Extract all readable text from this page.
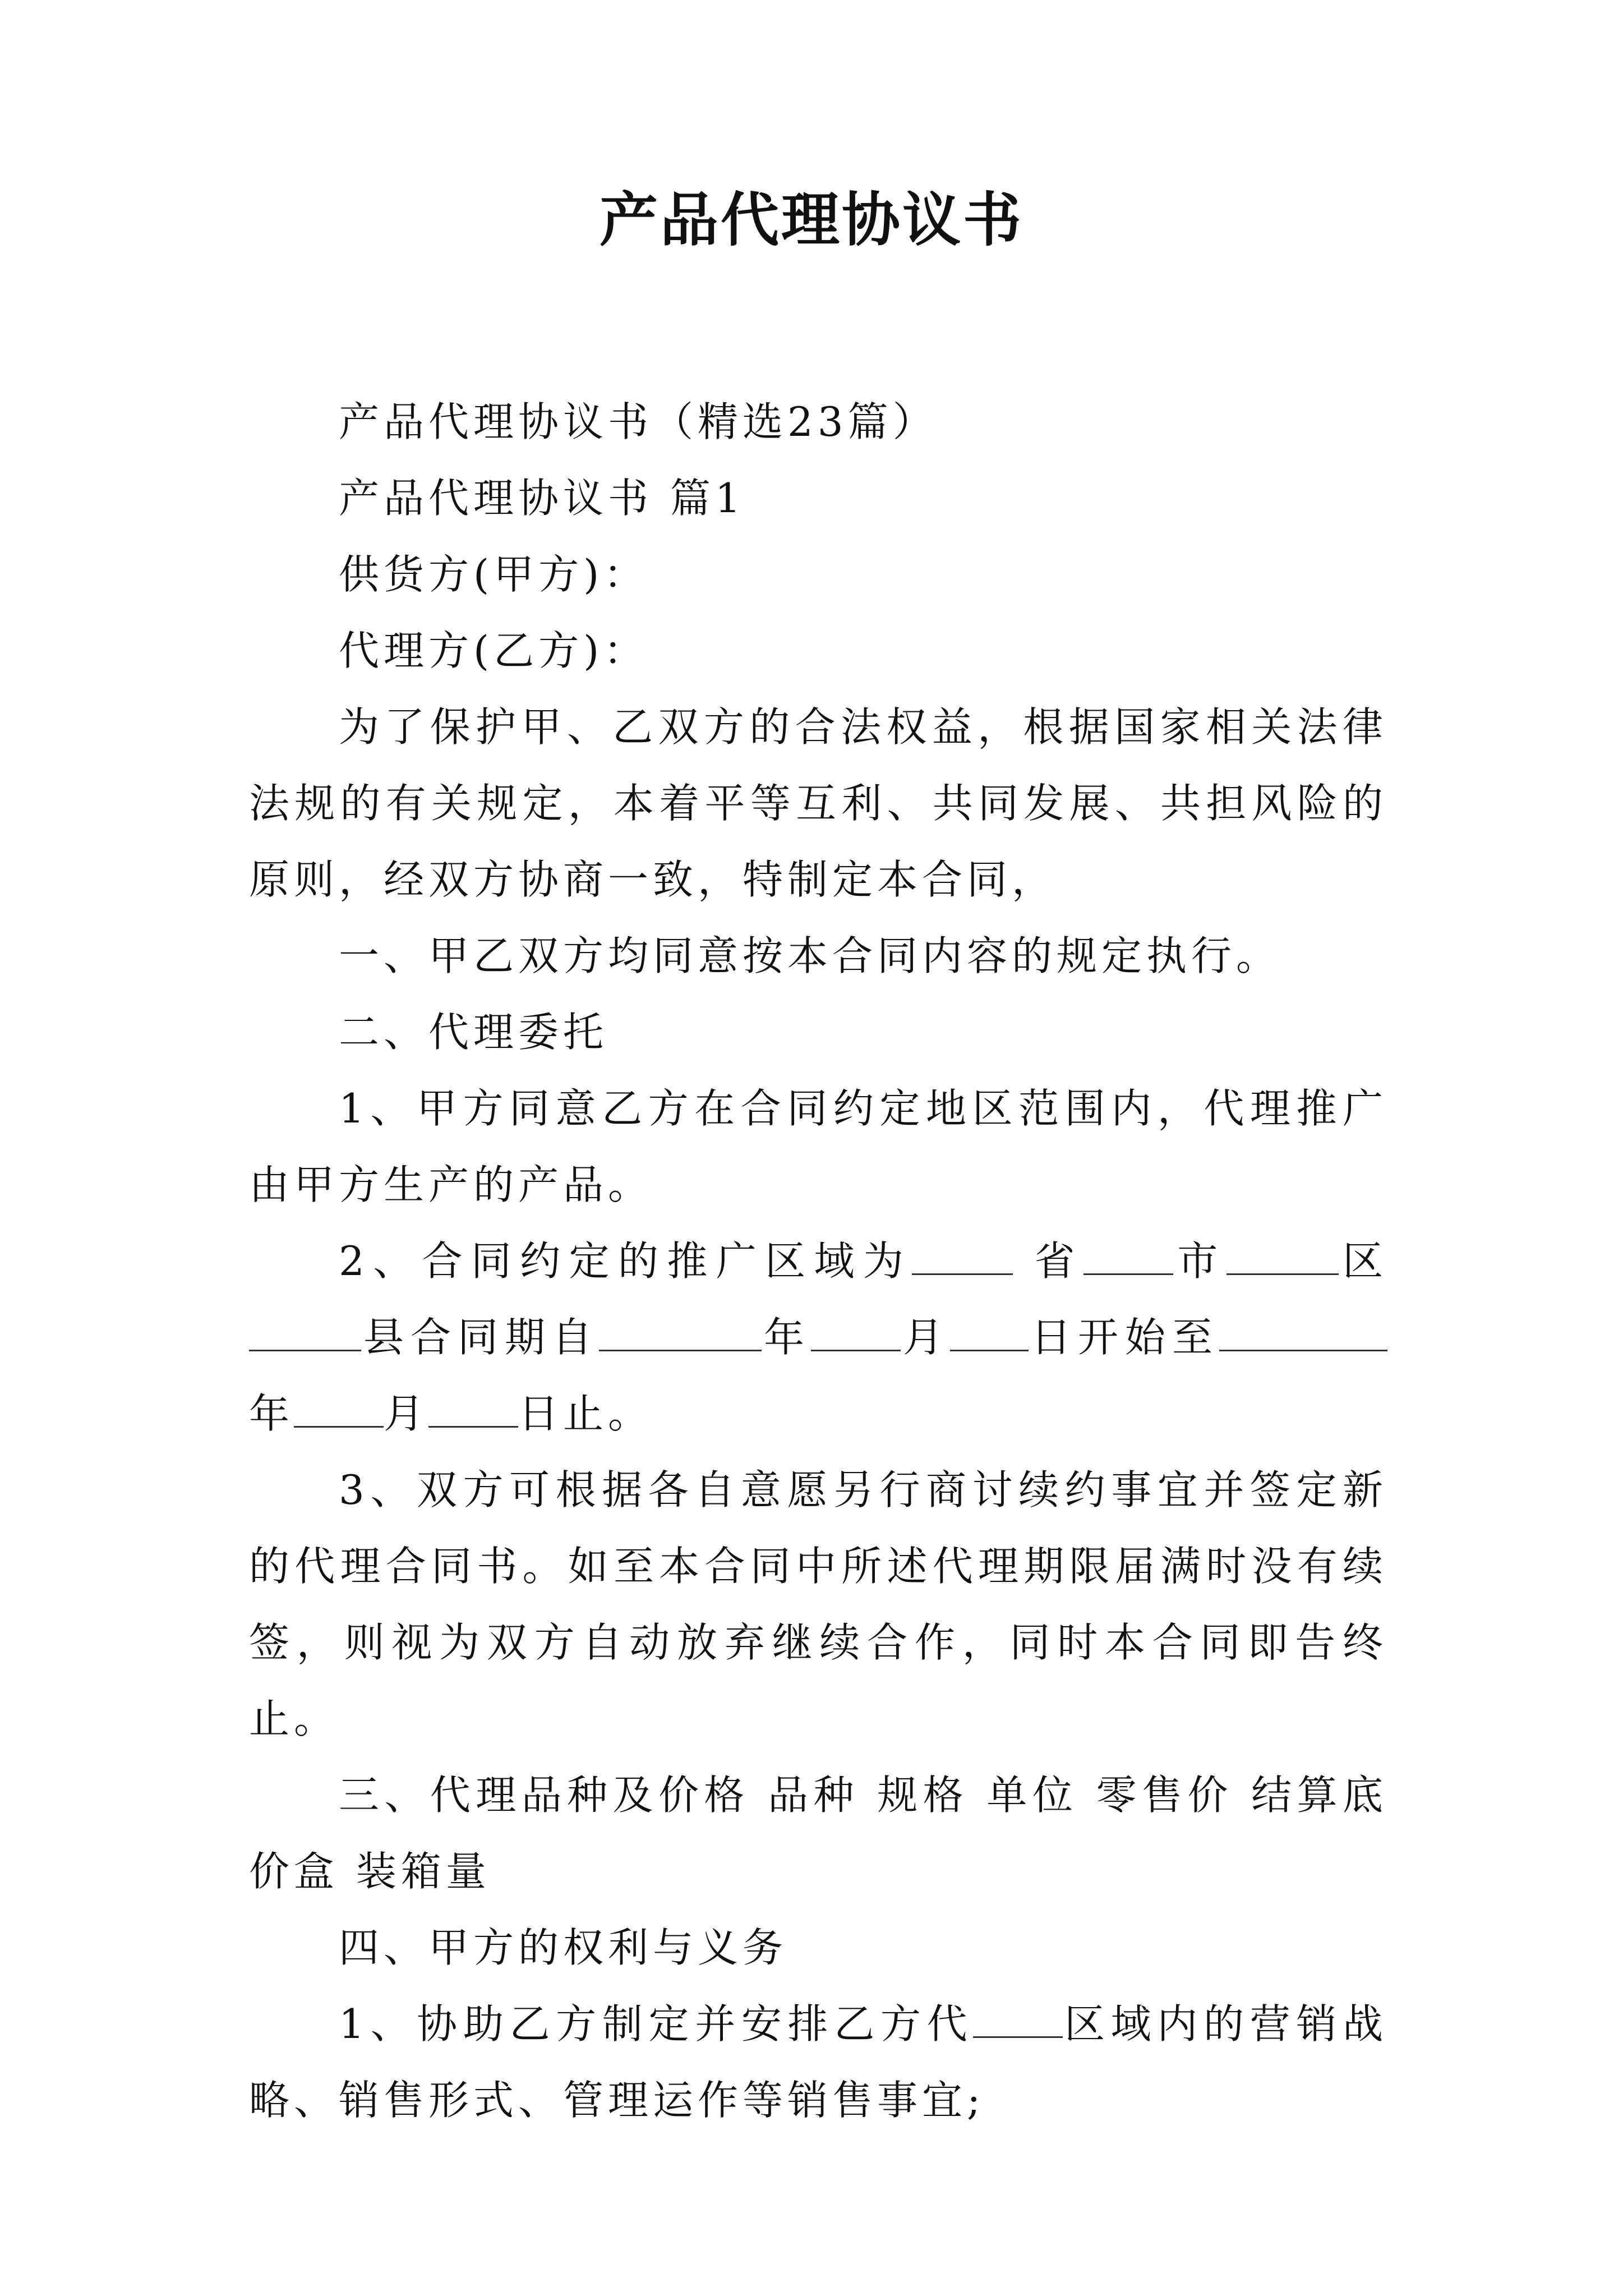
产品代理协议书

产品代理协议书（精选23篇）

产品代理协议书 篇1

供货方(甲方)：

代理方(乙方)：

为了保护甲、乙双方的合法权益，根据国家相关法律法规的有关规定，本着平等互利、共同发展、共担风险的原则，经双方协商一致，特制定本合同，

一、甲乙双方均同意按本合同内容的规定执行。

二、代理委托

1、甲方同意乙方在合同约定地区范围内，代理推广由甲方生产的产品。

2、合同约定的推广区域为	省 市	区 县合同期自	年 月 日开始至 年 月 日止。

3、双方可根据各自意愿另行商讨续约事宜并签定新的代理合同书。如至本合同中所述代理期限届满时没有续签，则视为双方自动放弃继续合作，同时本合同即告终止。

三、代理品种及价格 品种 规格 单位 零售价 结算底价盒 装箱量

四、甲方的权利与义务

1、协助乙方制定并安排乙方代 区域内的营销战略、销售形式、管理运作等销售事宜;
